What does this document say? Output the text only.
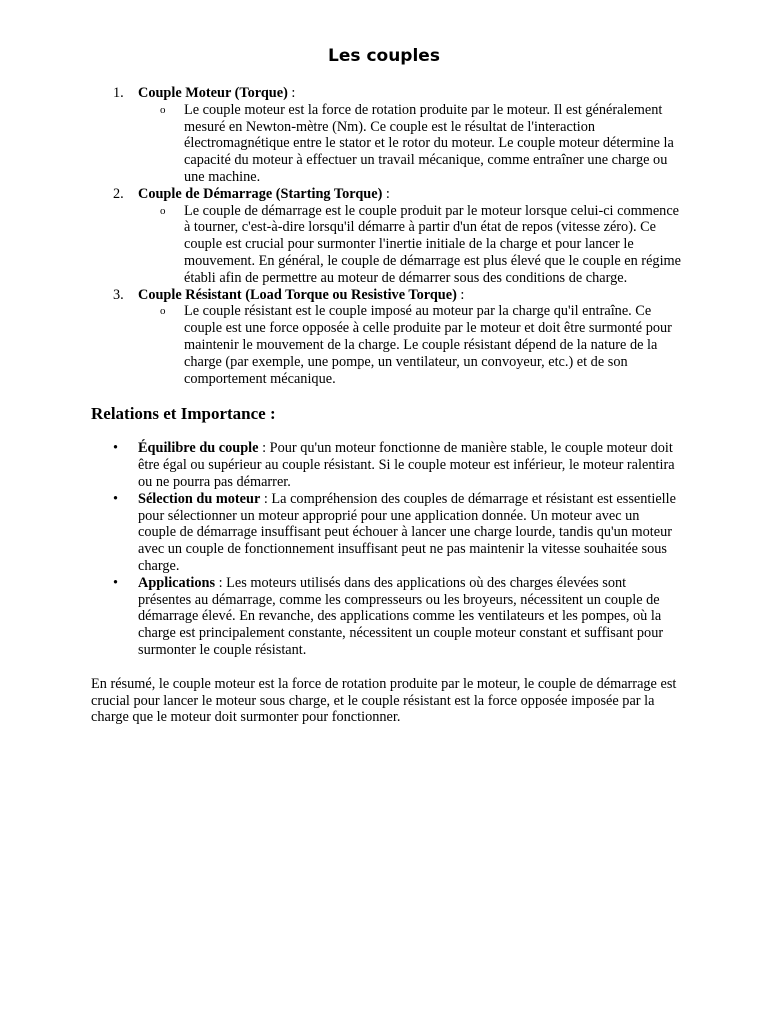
Les couples
1. Couple Moteur (Torque) :
o Le couple moteur est la force de rotation produite par le moteur. Il est généralement mesuré en Newton-mètre (Nm). Ce couple est le résultat de l'interaction électromagnétique entre le stator et le rotor du moteur. Le couple moteur détermine la capacité du moteur à effectuer un travail mécanique, comme entraîner une charge ou une machine.
2. Couple de Démarrage (Starting Torque) :
o Le couple de démarrage est le couple produit par le moteur lorsque celui-ci commence à tourner, c'est-à-dire lorsqu'il démarre à partir d'un état de repos (vitesse zéro). Ce couple est crucial pour surmonter l'inertie initiale de la charge et pour lancer le mouvement. En général, le couple de démarrage est plus élevé que le couple en régime établi afin de permettre au moteur de démarrer sous des conditions de charge.
3. Couple Résistant (Load Torque ou Resistive Torque) :
o Le couple résistant est le couple imposé au moteur par la charge qu'il entraîne. Ce couple est une force opposée à celle produite par le moteur et doit être surmonté pour maintenir le mouvement de la charge. Le couple résistant dépend de la nature de la charge (par exemple, une pompe, un ventilateur, un convoyeur, etc.) et de son comportement mécanique.
Relations et Importance :
• Équilibre du couple : Pour qu'un moteur fonctionne de manière stable, le couple moteur doit être égal ou supérieur au couple résistant. Si le couple moteur est inférieur, le moteur ralentira ou ne pourra pas démarrer.
• Sélection du moteur : La compréhension des couples de démarrage et résistant est essentielle pour sélectionner un moteur approprié pour une application donnée. Un moteur avec un couple de démarrage insuffisant peut échouer à lancer une charge lourde, tandis qu'un moteur avec un couple de fonctionnement insuffisant peut ne pas maintenir la vitesse souhaitée sous charge.
• Applications : Les moteurs utilisés dans des applications où des charges élevées sont présentes au démarrage, comme les compresseurs ou les broyeurs, nécessitent un couple de démarrage élevé. En revanche, des applications comme les ventilateurs et les pompes, où la charge est principalement constante, nécessitent un couple moteur constant et suffisant pour surmonter le couple résistant.

En résumé, le couple moteur est la force de rotation produite par le moteur, le couple de démarrage est crucial pour lancer le moteur sous charge, et le couple résistant est la force opposée imposée par la charge que le moteur doit surmonter pour fonctionner.
